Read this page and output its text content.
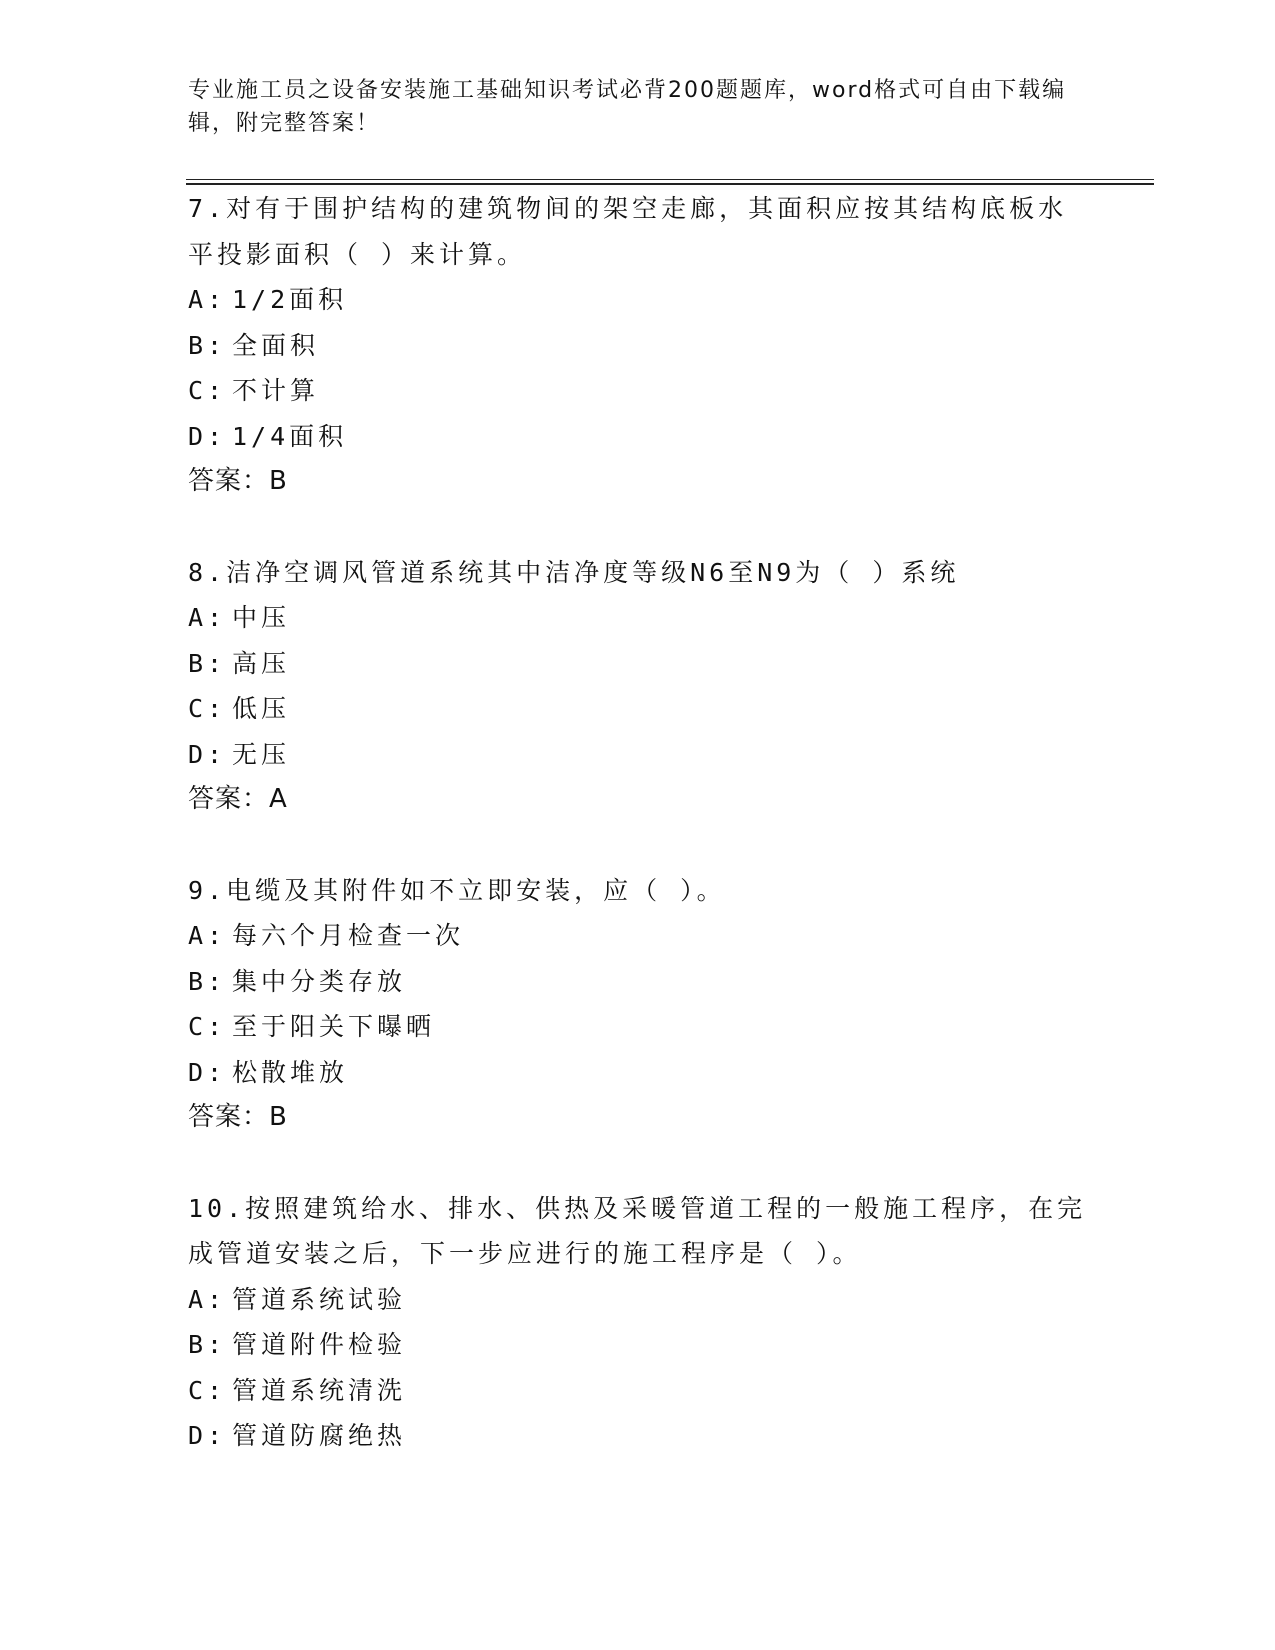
专业施工员之设备安装施工基础知识考试必背200题题库，word格式可自由下载编辑，附完整答案！

7.对有于围护结构的建筑物间的架空走廊，其面积应按其结构底板水平投影面积（ ）来计算。

A: 1/2面积
B: 全面积
C: 不计算
D: 1/4面积
答案：B

8.洁净空调风管道系统其中洁净度等级N6至N9为（ ）系统

A: 中压
B: 高压
C: 低压
D: 无压
答案：A

9.电缆及其附件如不立即安装，应（ ）。

A: 每六个月检查一次
B: 集中分类存放
C: 至于阳关下曝晒
D: 松散堆放
答案：B

10.按照建筑给水、排水、供热及采暖管道工程的一般施工程序，在完成管道安装之后，下一步应进行的施工程序是（ ）。

A: 管道系统试验
B: 管道附件检验
C: 管道系统清洗
D: 管道防腐绝热
